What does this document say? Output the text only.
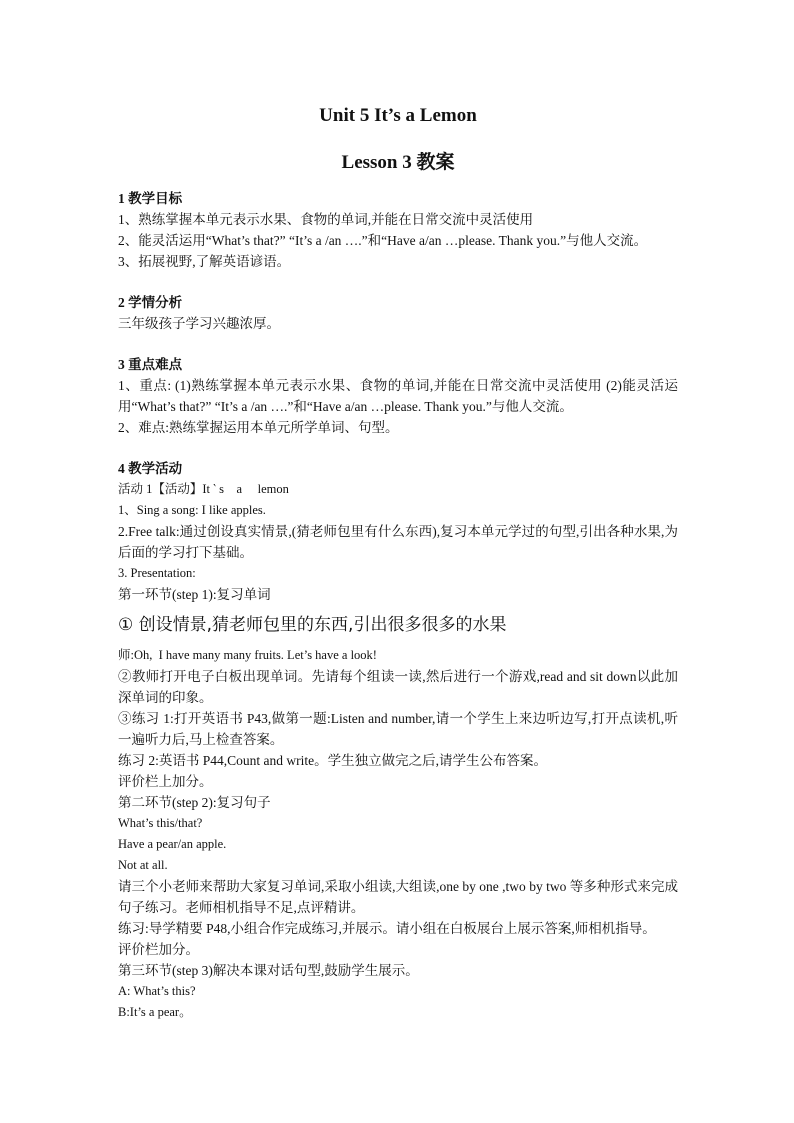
Unit 5 It’s a Lemon

Lesson 3 教案

1 教学目标

1、熟练掌握本单元表示水果、食物的单词,并能在日常交流中灵活使用

2、能灵活运用“What’s that?” “It’s a /an ….”和“Have a/an …please. Thank you.”与他人交流。

3、拓展视野,了解英语谚语。

2 学情分析

三年级孩子学习兴趣浓厚。

3 重点难点

1、重点: (1)熟练掌握本单元表示水果、食物的单词,并能在日常交流中灵活使用 (2)能灵活运用“What’s that?” “It’s a /an ….”和“Have a/an …please. Thank you.”与他人交流。

2、难点:熟练掌握运用本单元所学单词、句型。

4 教学活动

活动 1【活动】It ‵ s    a     lemon

1、Sing a song: I like apples.

2.Free talk:通过创设真实情景,(猜老师包里有什么东西),复习本单元学过的句型,引出各种水果,为后面的学习打下基础。

3. Presentation:

第一环节(step 1):复习单词

① 创设情景,猜老师包里的东西,引出很多很多的水果

师:Oh,  I have many many fruits. Let’s have a look!

②教师打开电子白板出现单词。先请每个组读一读,然后进行一个游戏,read and sit down以此加深单词的印象。

③练习 1:打开英语书 P43,做第一题:Listen and number,请一个学生上来边听边写,打开点读机,听一遍听力后,马上检查答案。

练习 2:英语书 P44,Count and write。学生独立做完之后,请学生公布答案。

评价栏上加分。

第二环节(step 2):复习句子

What’s this/that?

Have a pear/an apple.

Not at all.

请三个小老师来帮助大家复习单词,采取小组读,大组读,one by one ,two by two 等多种形式来完成句子练习。老师相机指导不足,点评精讲。

练习:导学精要 P48,小组合作完成练习,并展示。请小组在白板展台上展示答案,师相机指导。

评价栏加分。

第三环节(step 3)解决本课对话句型,鼓励学生展示。

A: What’s this?

B:It’s a pear。
